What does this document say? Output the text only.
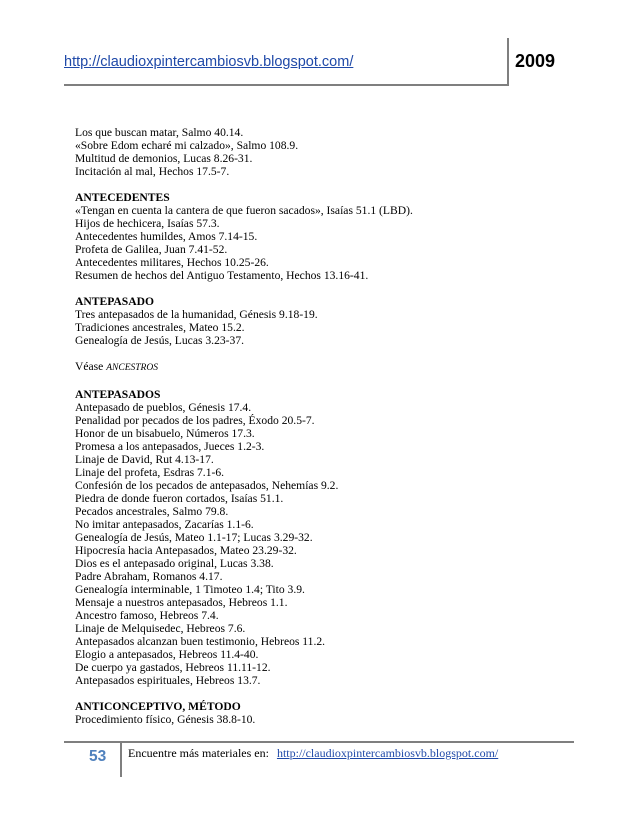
http://claudioxpintercambiosvb.blogspot.com/	2009
Los que buscan matar, Salmo 40.14.
«Sobre Edom echaré mi calzado», Salmo 108.9.
Multitud de demonios, Lucas 8.26-31.
Incitación al mal, Hechos 17.5-7.
ANTECEDENTES
«Tengan en cuenta la cantera de que fueron sacados», Isaías 51.1 (LBD).
Hijos de hechicera, Isaías 57.3.
Antecedentes humildes, Amos 7.14-15.
Profeta de Galilea, Juan 7.41-52.
Antecedentes militares, Hechos 10.25-26.
Resumen de hechos del Antiguo Testamento, Hechos 13.16-41.
ANTEPASADO
Tres antepasados de la humanidad, Génesis 9.18-19.
Tradiciones ancestrales, Mateo 15.2.
Genealogía de Jesús, Lucas 3.23-37.
Véase ANCESTROS
ANTEPASADOS
Antepasado de pueblos, Génesis 17.4.
Penalidad por pecados de los padres, Éxodo 20.5-7.
Honor de un bisabuelo, Números 17.3.
Promesa a los antepasados, Jueces 1.2-3.
Linaje de David, Rut 4.13-17.
Linaje del profeta, Esdras 7.1-6.
Confesión de los pecados de antepasados, Nehemías 9.2.
Piedra de donde fueron cortados, Isaías 51.1.
Pecados ancestrales, Salmo 79.8.
No imitar antepasados, Zacarías 1.1-6.
Genealogía de Jesús, Mateo 1.1-17; Lucas 3.29-32.
Hipocresía hacia Antepasados, Mateo 23.29-32.
Dios es el antepasado original, Lucas 3.38.
Padre Abraham, Romanos 4.17.
Genealogía interminable, 1 Timoteo 1.4; Tito 3.9.
Mensaje a nuestros antepasados, Hebreos 1.1.
Ancestro famoso, Hebreos 7.4.
Linaje de Melquisedec, Hebreos 7.6.
Antepasados alcanzan buen testimonio, Hebreos 11.2.
Elogio a antepasados, Hebreos 11.4-40.
De cuerpo ya gastados, Hebreos 11.11-12.
Antepasados espirituales, Hebreos 13.7.
ANTICONCEPTIVO, MÉTODO
Procedimiento físico, Génesis 38.8-10.
53 Encuentre más materiales en: http://claudioxpintercambiosvb.blogspot.com/
